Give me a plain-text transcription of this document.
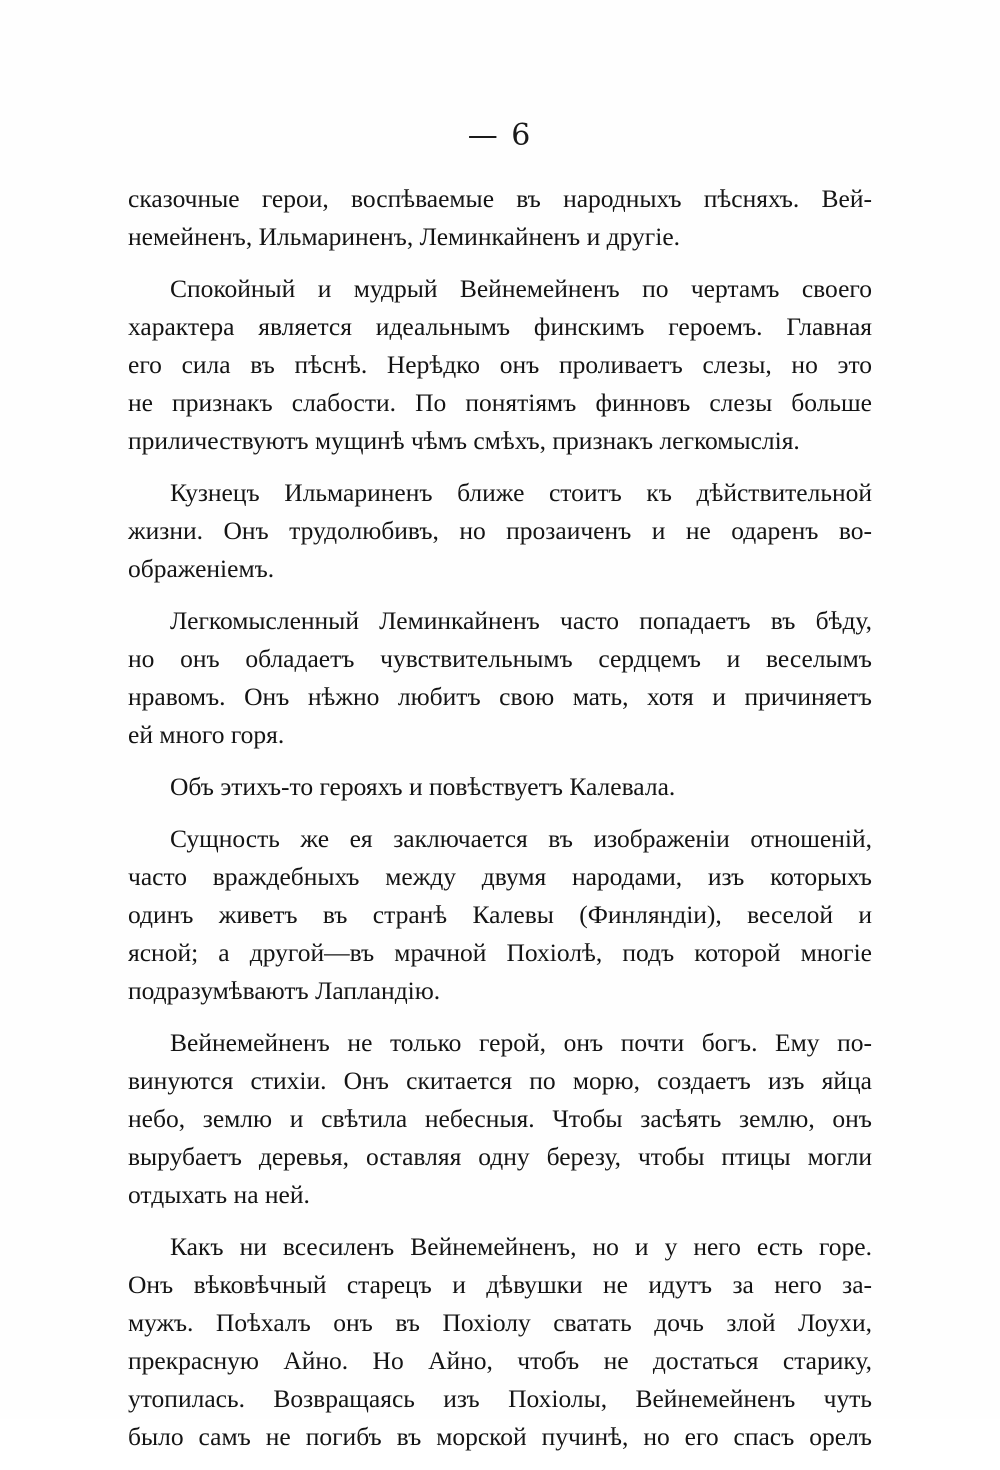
— 6
сказочные герои, воспѣваемые въ народныхъ пѣсняхъ. Вей-
немейненъ, Ильмариненъ, Леминкайненъ и другіе.
Спокойный и мудрый Вейнемейненъ по чертамъ своего
характера является идеальнымъ финскимъ героемъ. Главная
его сила въ пѣснѣ. Нерѣдко онъ проливаетъ слезы, но это
не признакъ слабости. По понятіямъ финновъ слезы больше
приличествуютъ мущинѣ чѣмъ смѣхъ, признакъ легкомыслія.
Кузнецъ Ильмариненъ ближе стоитъ къ дѣйствительной
жизни. Онъ трудолюбивъ, но прозаиченъ и не одаренъ во-
ображеніемъ.
Легкомысленный Леминкайненъ часто попадаетъ въ бѣду,
но онъ обладаетъ чувствительнымъ сердцемъ и веселымъ
нравомъ. Онъ нѣжно любитъ свою мать, хотя и причиняетъ
ей много горя.
Объ этихъ-то герояхъ и повѣствуетъ Калевала.
Сущность же ея заключается въ изображеніи отношеній,
часто враждебныхъ между двумя народами, изъ которыхъ
одинъ живетъ въ странѣ Калевы (Финляндіи), веселой и
ясной; а другой—въ мрачной Похіолѣ, подъ которой многіе
подразумѣваютъ Лапландію.
Вейнемейненъ не только герой, онъ почти богъ. Ему по-
винуются стихіи. Онъ скитается по морю, создаетъ изъ яйца
небо, землю и свѣтила небесныя. Чтобы засѣять землю, онъ
вырубаетъ деревья, оставляя одну березу, чтобы птицы могли
отдыхать на ней.
Какъ ни всесиленъ Вейнемейненъ, но и у него есть горе.
Онъ вѣковѣчный старецъ и дѣвушки не идутъ за него за-
мужъ. Поѣхалъ онъ въ Похіолу сватать дочь злой Лоухи,
прекрасную Айно. Но Айно, чтобъ не достаться старику,
утопилась. Возвращаясь изъ Похіолы, Вейнемейненъ чуть
было самъ не погибъ въ морской пучинѣ, но его спасъ орелъ
